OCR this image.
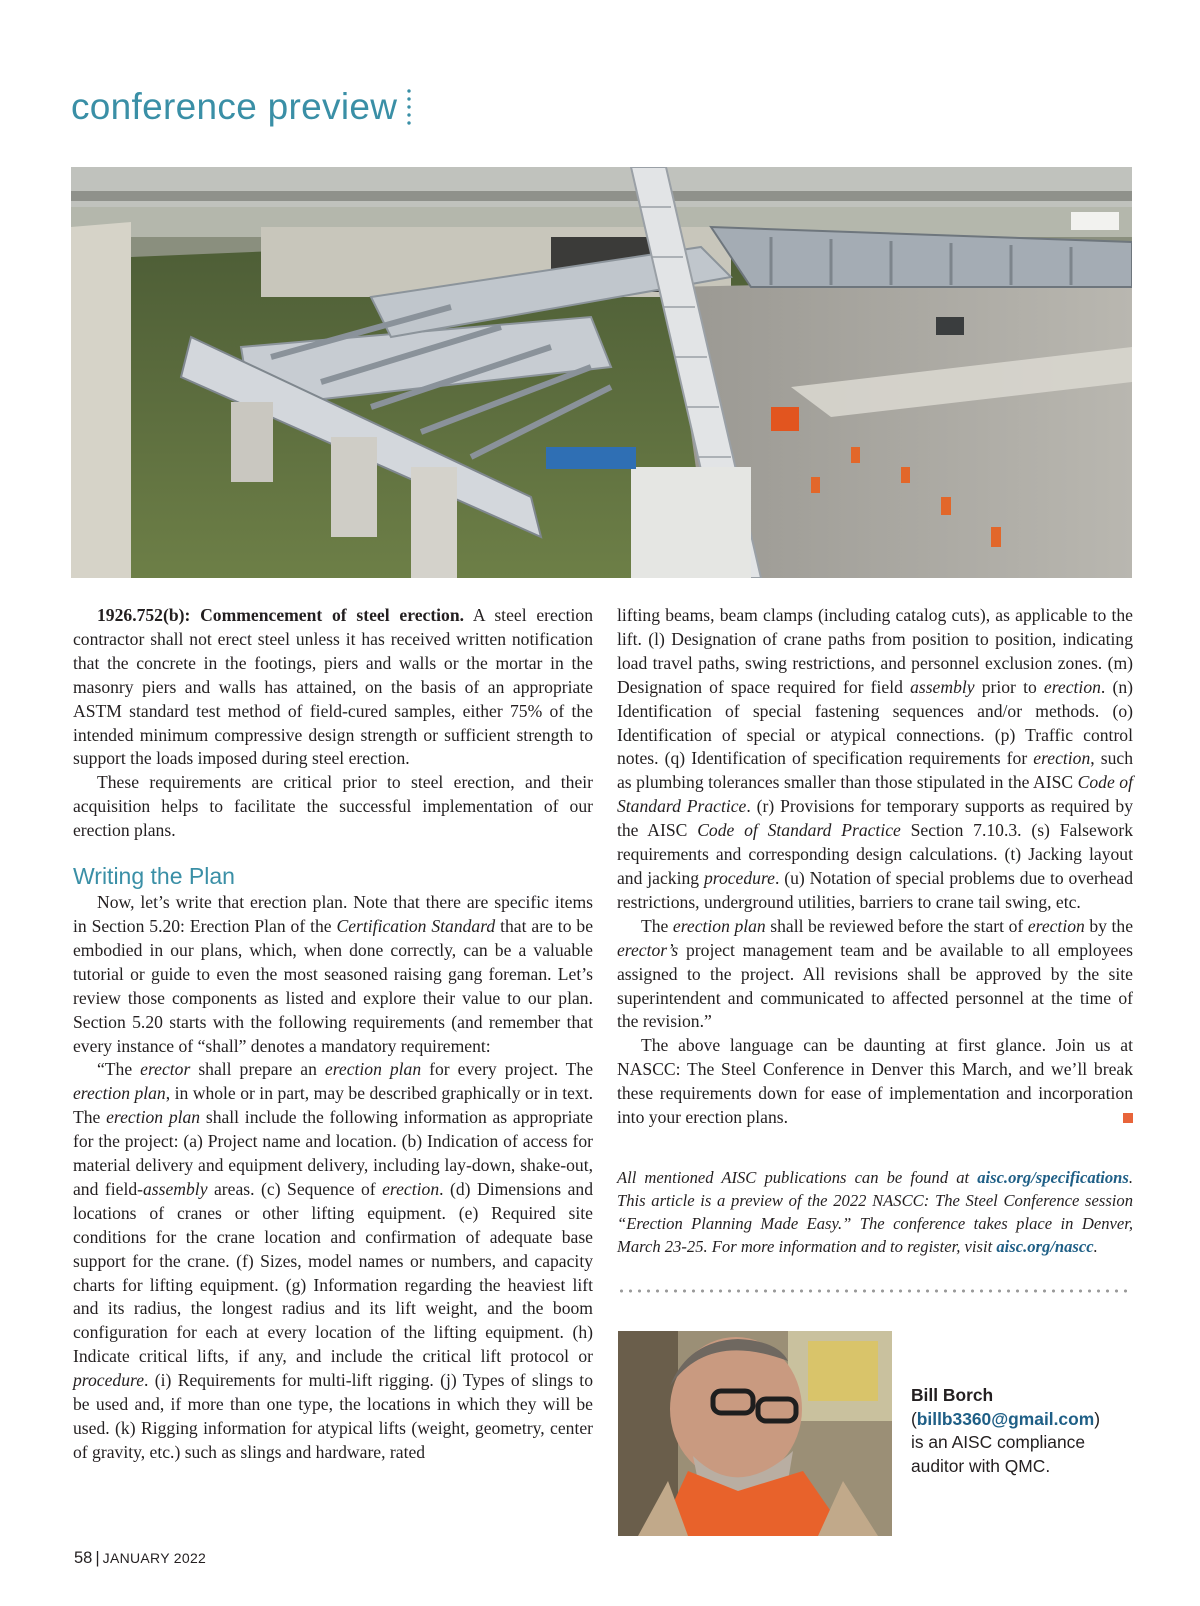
conference preview

1926.752(b): Commencement of steel erection. A steel erection contractor shall not erect steel unless it has received written notification that the concrete in the footings, piers and walls or the mortar in the masonry piers and walls has attained, on the basis of an appropriate ASTM standard test method of field-cured samples, either 75% of the intended minimum compressive design strength or sufficient strength to support the loads imposed during steel erection.

These requirements are critical prior to steel erection, and their acquisition helps to facilitate the successful implementation of our erection plans.

Writing the Plan

Now, let’s write that erection plan. Note that there are specific items in Section 5.20: Erection Plan of the Certification Standard that are to be embodied in our plans, which, when done correctly, can be a valuable tutorial or guide to even the most seasoned raising gang foreman. Let’s review those components as listed and explore their value to our plan. Section 5.20 starts with the following requirements (and remember that every instance of “shall” denotes a mandatory requirement:

“The erector shall prepare an erection plan for every project. The erection plan, in whole or in part, may be described graphically or in text. The erection plan shall include the following information as appropriate for the project: (a) Project name and location. (b) Indication of access for material delivery and equipment delivery, including lay-down, shake-out, and field-assembly areas. (c) Sequence of erection. (d) Dimensions and locations of cranes or other lifting equipment. (e) Required site conditions for the crane location and confirmation of adequate base support for the crane. (f) Sizes, model names or numbers, and capacity charts for lifting equipment. (g) Information regarding the heaviest lift and its radius, the longest radius and its lift weight, and the boom configuration for each at every location of the lifting equipment. (h) Indicate critical lifts, if any, and include the critical lift protocol or procedure. (i) Requirements for multi-lift rigging. (j) Types of slings to be used and, if more than one type, the locations in which they will be used. (k) Rigging information for atypical lifts (weight, geometry, center of gravity, etc.) such as slings and hardware, rated

lifting beams, beam clamps (including catalog cuts), as applicable to the lift. (l) Designation of crane paths from position to position, indicating load travel paths, swing restrictions, and personnel exclusion zones. (m) Designation of space required for field assembly prior to erection. (n) Identification of special fastening sequences and/or methods. (o) Identification of special or atypical connections. (p) Traffic control notes. (q) Identification of specification requirements for erection, such as plumbing tolerances smaller than those stipulated in the AISC Code of Standard Practice. (r) Provisions for temporary supports as required by the AISC Code of Standard Practice Section 7.10.3. (s) Falsework requirements and corresponding design calculations. (t) Jacking layout and jacking procedure. (u) Notation of special problems due to overhead restrictions, underground utilities, barriers to crane tail swing, etc.

The erection plan shall be reviewed before the start of erection by the erector’s project management team and be available to all employees assigned to the project. All revisions shall be approved by the site superintendent and communicated to affected personnel at the time of the revision.”

The above language can be daunting at first glance. Join us at NASCC: The Steel Conference in Denver this March, and we’ll break these requirements down for ease of implementation and incorporation into your erection plans.

All mentioned AISC publications can be found at aisc.org/specifications. This article is a preview of the 2022 NASCC: The Steel Conference session “Erection Planning Made Easy.” The conference takes place in Denver, March 23-25. For more information and to register, visit aisc.org/nascc.
Bill Borch
(billb3360@gmail.com)
is an AISC compliance auditor with QMC.
58 | JANUARY 2022
